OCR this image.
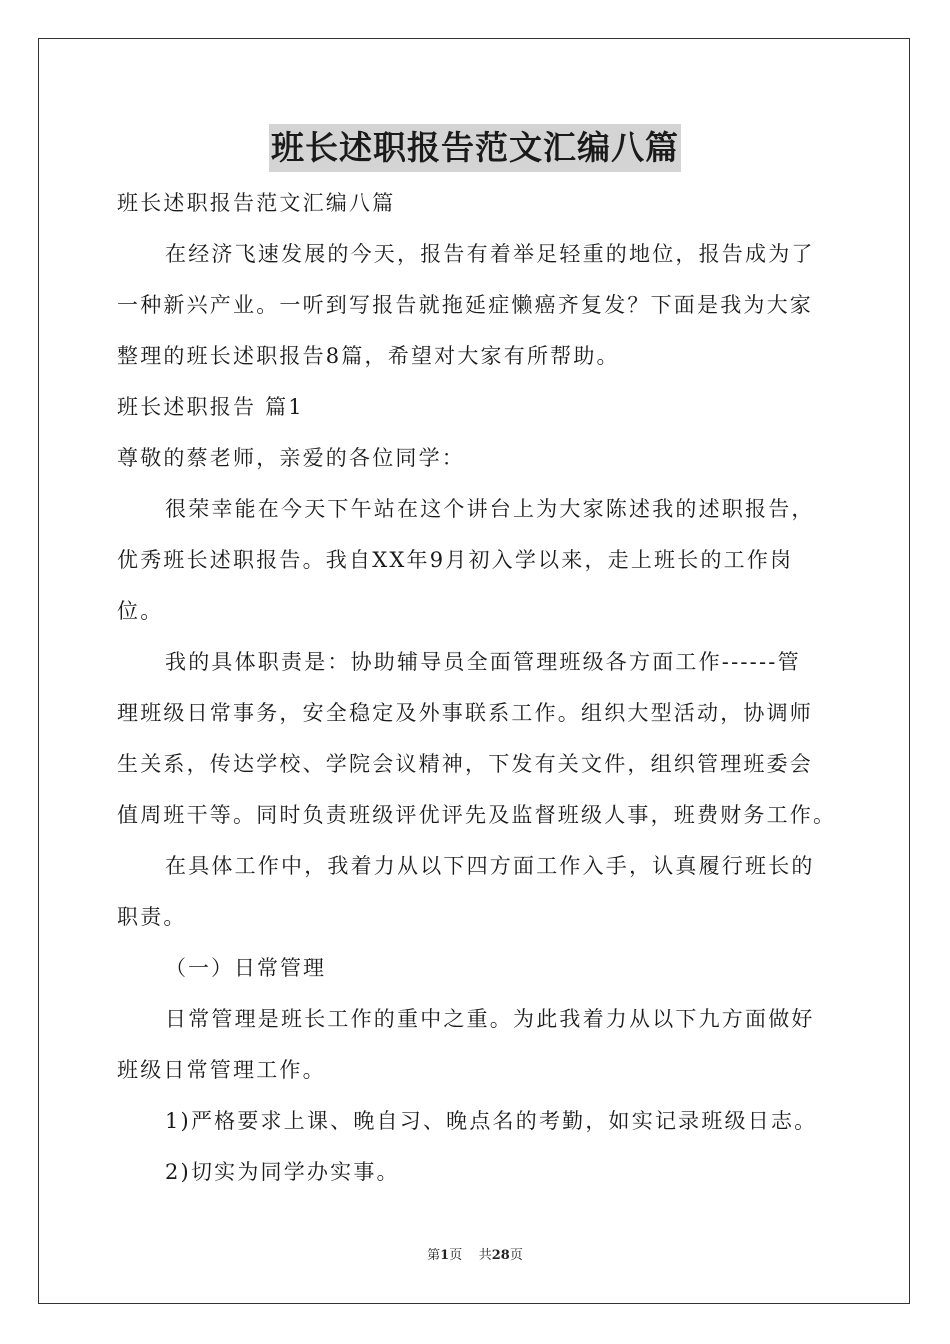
班长述职报告范文汇编八篇

班长述职报告范文汇编八篇

在经济飞速发展的今天，报告有着举足轻重的地位，报告成为了

一种新兴产业。一听到写报告就拖延症懒癌齐复发？下面是我为大家

整理的班长述职报告8篇，希望对大家有所帮助。

班长述职报告 篇1

尊敬的蔡老师，亲爱的各位同学：

很荣幸能在今天下午站在这个讲台上为大家陈述我的述职报告，

优秀班长述职报告。我自XX年9月初入学以来，走上班长的工作岗

位。

我的具体职责是：协助辅导员全面管理班级各方面工作------管

理班级日常事务，安全稳定及外事联系工作。组织大型活动，协调师

生关系，传达学校、学院会议精神，下发有关文件，组织管理班委会

值周班干等。同时负责班级评优评先及监督班级人事，班费财务工作。

在具体工作中，我着力从以下四方面工作入手，认真履行班长的

职责。

（一）日常管理

日常管理是班长工作的重中之重。为此我着力从以下九方面做好

班级日常管理工作。

1)严格要求上课、晚自习、晚点名的考勤，如实记录班级日志。

2)切实为同学办实事。

第1页 共28页
